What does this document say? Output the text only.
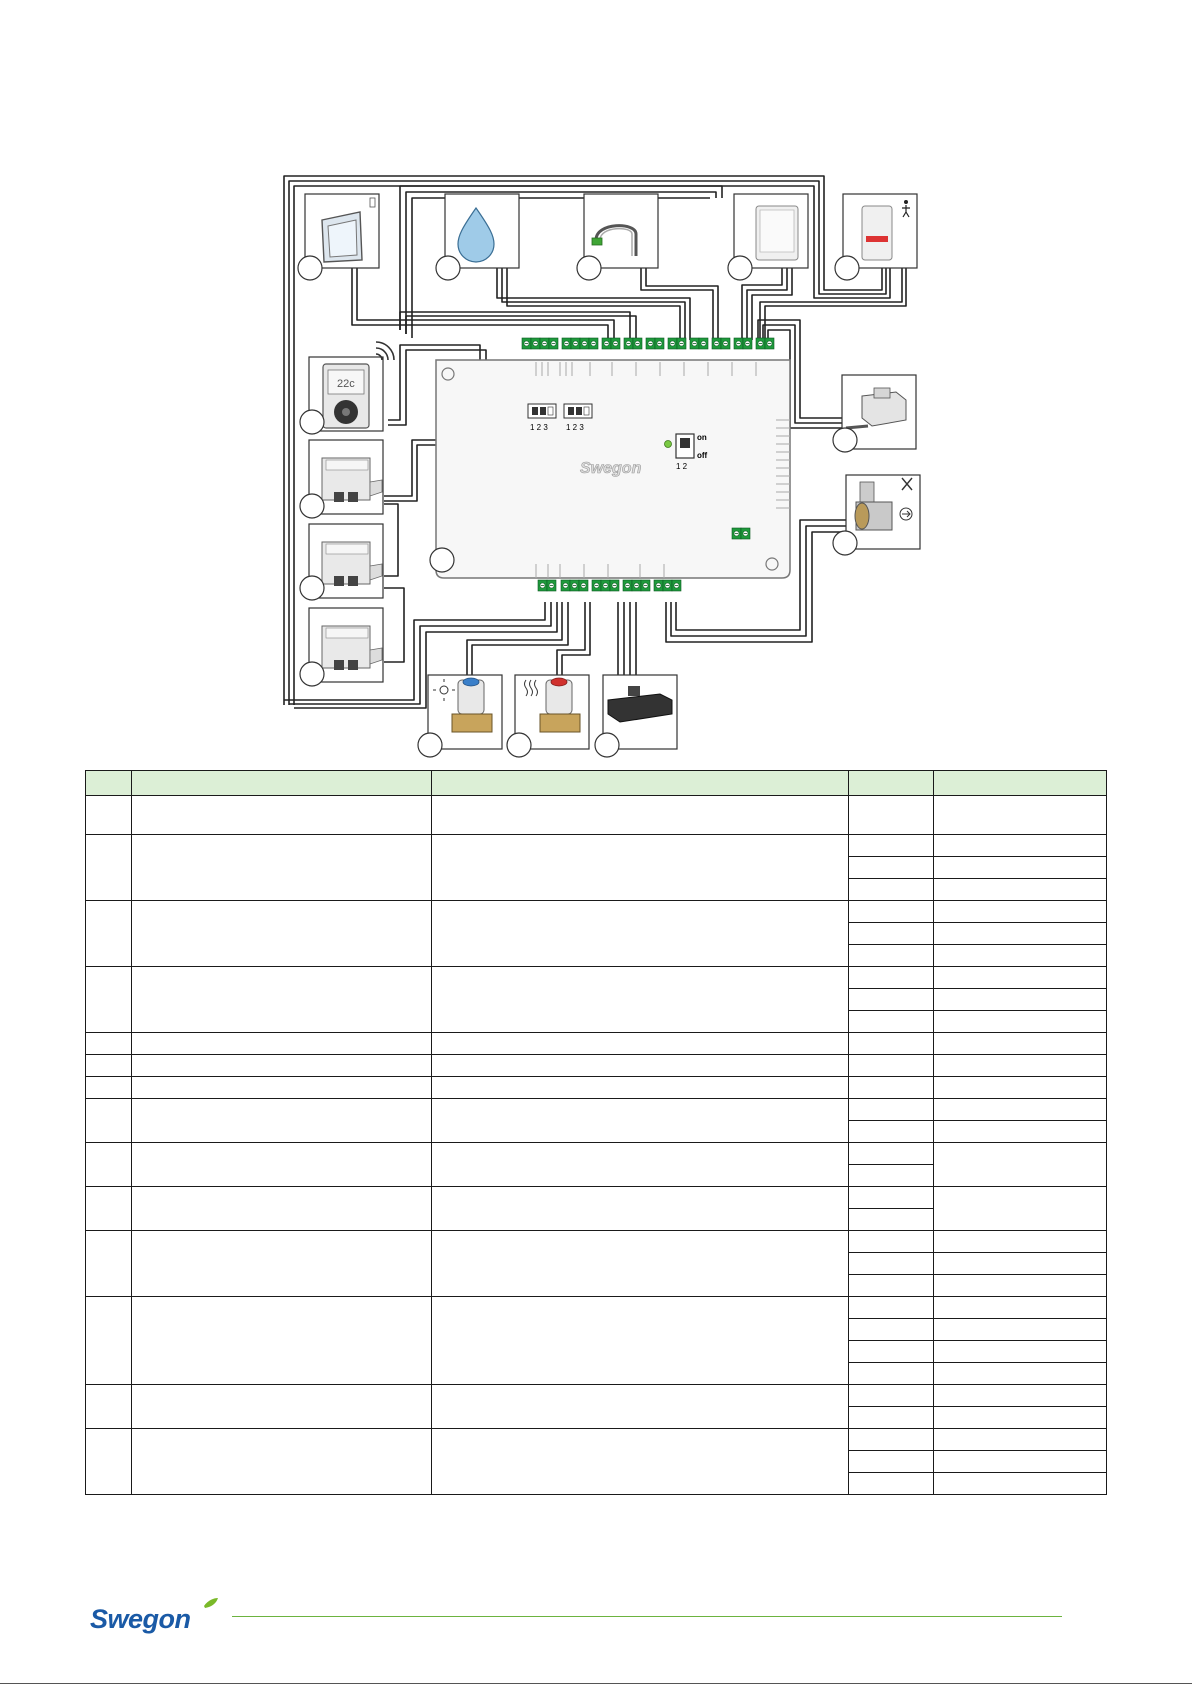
1 2 3 1 2 3
on
off
1 2
Swegon
22c

Swegon
